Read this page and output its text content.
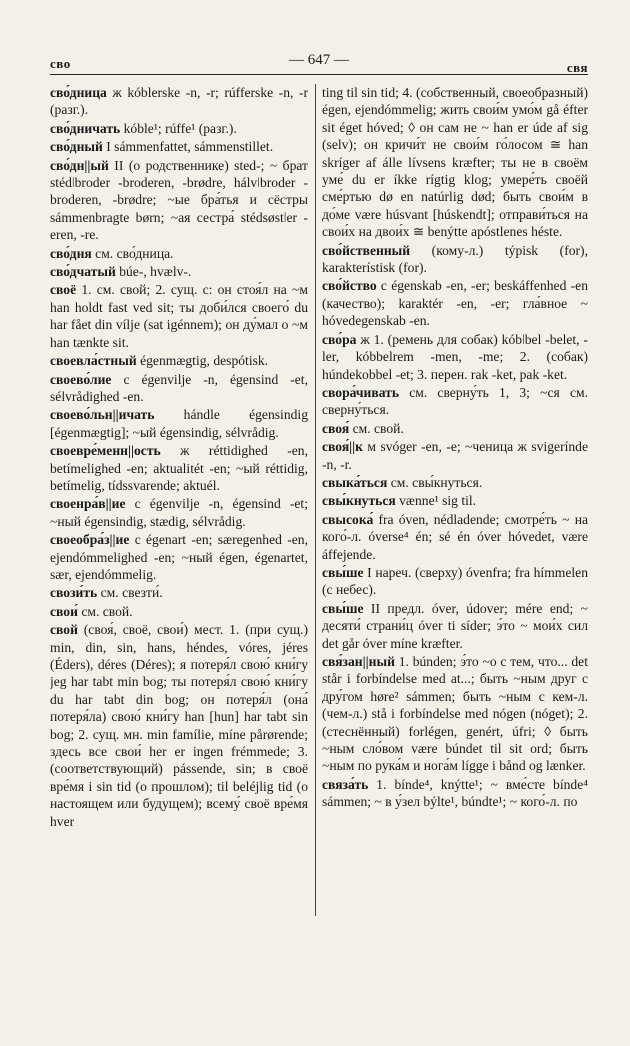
сво	— 647 —	свя

сво́дница ж kóblerske -n, -r; rúfferske -n, -r (разг.).

сво́дничать kóble¹; rúffe¹ (разг.).

сво́дный I sámmenfattet, sámmenstillet.

сво́дн||ый II (о родственнике) sted-; ~ брат stédǀbroder -broderen, -brødre, hálvǀbroder -broderen, -brødre; ~ые бра́тья и сёстры sámmenbragte børn; ~ая сестра́ stédsøstǀer -eren, -re.

сво́дня см. сво́дница.

сво́дчатый búe-, hvælv-.

своё 1. см. свой; 2. сущ. с: он стоя́л на ~м han holdt fast ved sit; ты доби́лся своего́ du har fået din vílje (sat igénnem); он ду́мал о ~м han tænkte sit.

своевла́стный égenmægtig, despótisk.

своево́лие с égenvilje -n, égensind -et, sélvrådighed -en.

своево́льн||ичать hándle égensindig [égenmægtig]; ~ый égensindig, sélvrådig.

своевре́менн||ость ж réttidighed -en, betímelighed -en; aktualitét -en; ~ый réttidig, betímelig, tídssvarende; aktuél.

своенра́в||ие с égenvilje -n, égensind -et; ~ный égensindig, stædig, sélvrådig.

своеобра́з||ие с égenart -en; særegenhed -en, ejendómmelighed -en; ~ный égen, égenartet, sær, ejendómmelig.

свози́ть см. свезти́.

свои́ см. свой.

свой (своя́, своё, свои́) мест. 1. (при сущ.) min, din, sin, hans, héndes, vóres, jéres (Éders), déres (Déres); я потеря́л свою́ кни́гу jeg har tabt min bog; ты потеря́л свою́ кни́гу du har tabt din bog; он потеря́л (она́ потеря́ла) свою́ кни́гу han [hun] har tabt sin bog; 2. сущ. мн. min famílie, míne pårørende; здесь все свои́ her er ingen frémmede; 3. (соответствующий) pássende, sin; в своё вре́мя i sin tid (о прошлом); til beléjlig tid (о настоящем или будущем); всему́ своё вре́мя hver

ting til sin tid; 4. (собственный, своеобразный) égen, ejendómmelig; жить свои́м умо́м gå éfter sit éget hóved; ◊ он сам не ~ han er úde af sig (selv); он кричи́т не свои́м го́лосом ≅ han skríger af álle lívsens kræfter; ты не в своём уме́ du er íkke rígtig klog; умере́ть своёй сме́ртью dø en natúrlig død; быть свои́м в до́ме være húsvant [húskendt]; отправи́ться на свои́х на двои́х ≅ benýtte apóstlenes héste.

сво́йственный (кому-л.) týpisk (for), karakterístisk (for).

сво́йство с égenskab -en, -er; beskáffenhed -en (качество); karaktér -en, -er; гла́вное ~ hóvedegenskab -en.

сво́ра ж 1. (ремень для собак) kóbǀbel -belet, -ler, kóbbelrem -men, -me; 2. (собак) húndekobbel -et; 3. перен. rak -ket, pak -ket.

свора́чивать см. сверну́ть 1, 3; ~ся см. сверну́ться.

своя́ см. свой.

своя́||к м svóger -en, -e; ~ченица ж svigerínde -n, -r.

свыка́ться см. свы́кнуться.

свы́кнуться vænne¹ sig til.

свысока́ fra óven, nédladende; смотре́ть ~ на кого́-л. óverse⁴ én; sé én óver hóvedet, være áffejende.

свы́ше I нареч. (сверху) óvenfra; fra hímmelen (с небес).

свы́ше II предл. óver, údover; mére end; ~ десяти́ страни́ц óver ti síder; э́то ~ мои́х сил det går óver míne kræfter.

свя́зан||ный 1. búnden; э́то ~о с тем, что... det står i forbíndelse med at...; быть ~ным друг с дру́гом høre² sámmen; быть ~ным с кем-л. (чем-л.) stå i forbíndelse med nógen (nóget); 2. (стеснённый) forlégen, genért, úfri; ◊ быть ~ным сло́вом være búndet til sit ord; быть ~ным по рука́м и нога́м lígge i bånd og lænker.

связа́ть 1. bínde⁴, knýtte¹; ~ вме́сте bínde⁴ sámmen; ~ в у́зел býlte¹, búndte¹; ~ кого́-л. по
